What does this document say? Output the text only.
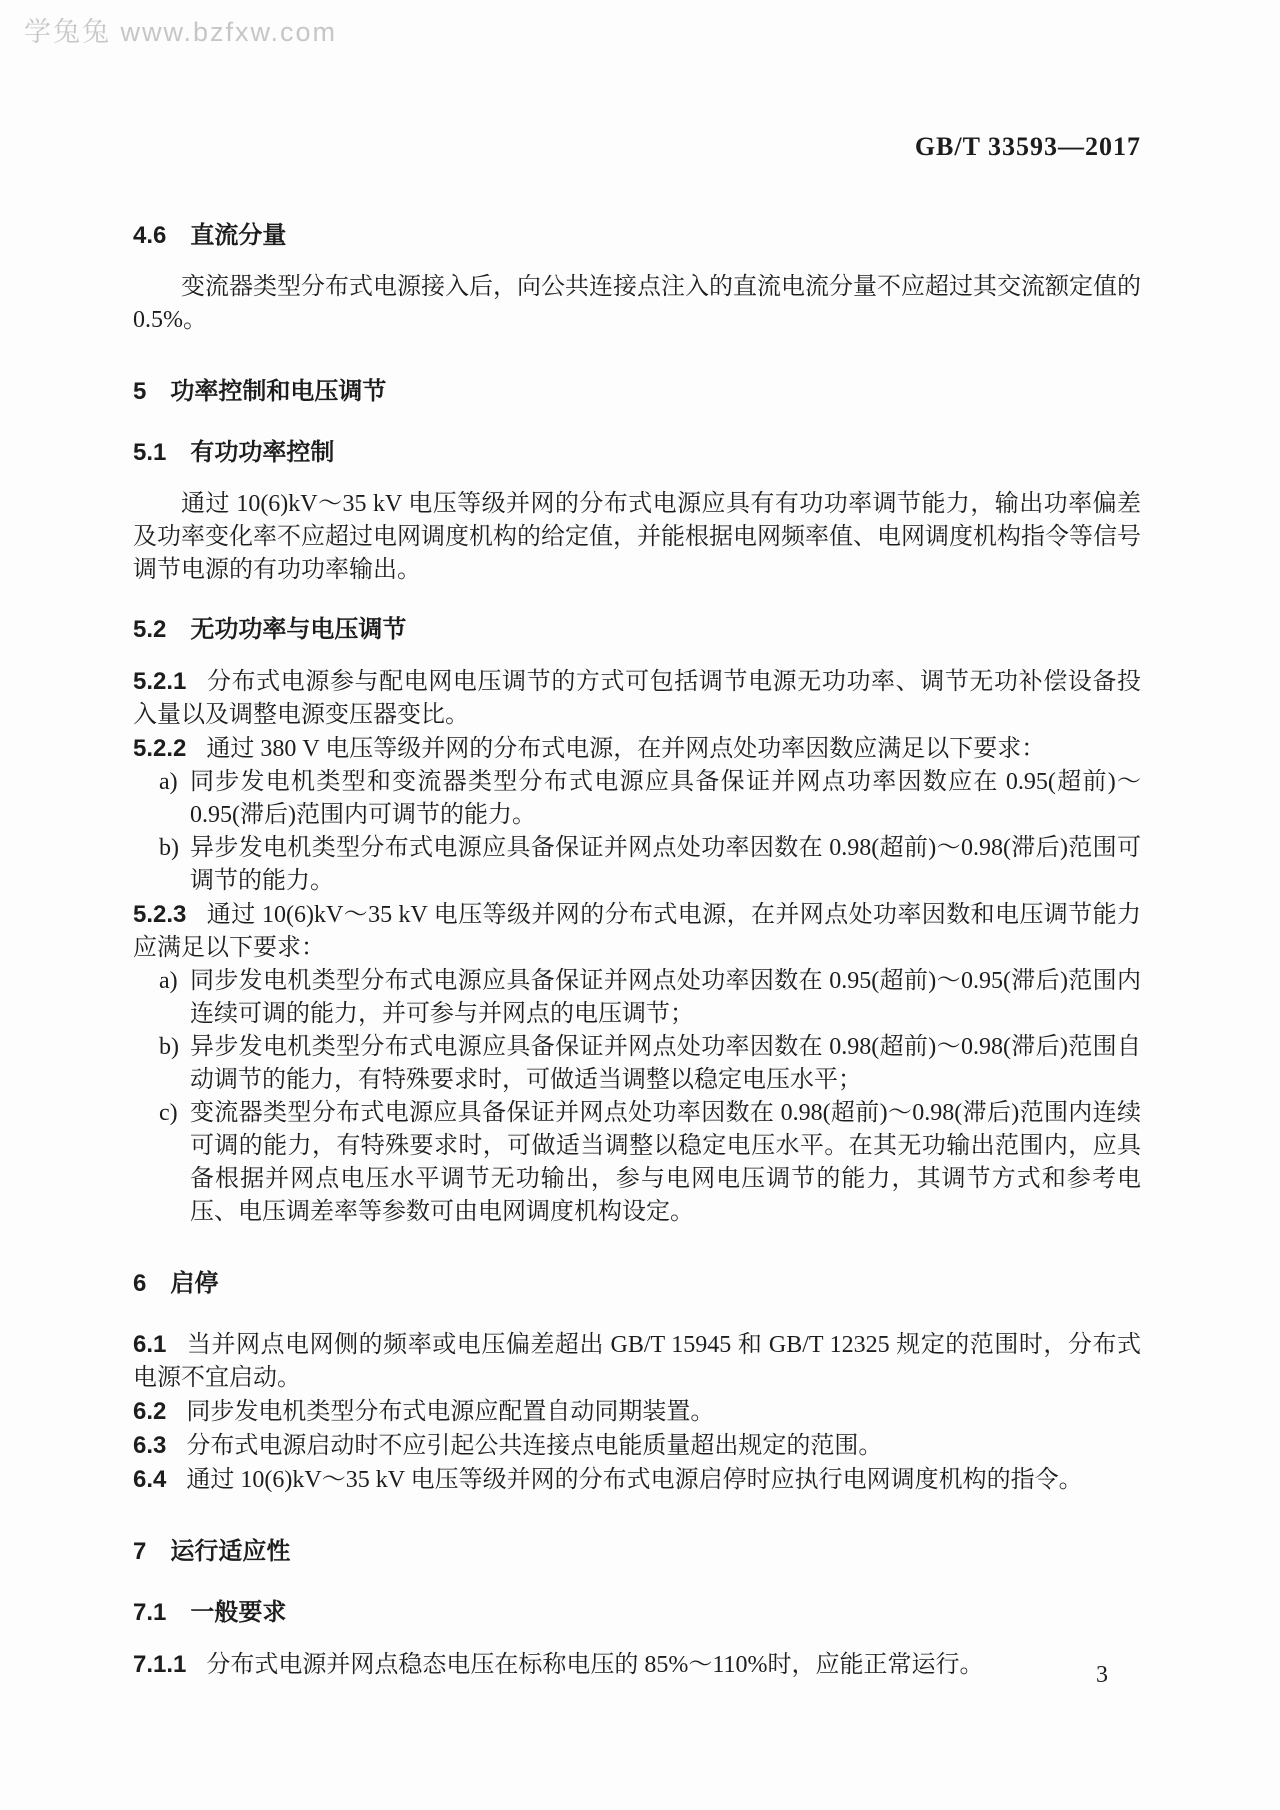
学兔兔 www.bzfxw.com
GB/T 33593—2017
4.6 直流分量

变流器类型分布式电源接入后，向公共连接点注入的直流电流分量不应超过其交流额定值的 0.5%。

5 功率控制和电压调节
5.1 有功功率控制

通过 10(6)kV～35 kV 电压等级并网的分布式电源应具有有功功率调节能力，输出功率偏差及功率变化率不应超过电网调度机构的给定值，并能根据电网频率值、电网调度机构指令等信号调节电源的有功功率输出。

5.2 无功功率与电压调节
5.2.1 分布式电源参与配电网电压调节的方式可包括调节电源无功功率、调节无功补偿设备投入量以及调整电源变压器变比。
5.2.2 通过 380 V 电压等级并网的分布式电源，在并网点处功率因数应满足以下要求：
a) 同步发电机类型和变流器类型分布式电源应具备保证并网点功率因数应在 0.95(超前)～0.95(滞后)范围内可调节的能力。
b) 异步发电机类型分布式电源应具备保证并网点处功率因数在 0.98(超前)～0.98(滞后)范围可调节的能力。
5.2.3 通过 10(6)kV～35 kV 电压等级并网的分布式电源，在并网点处功率因数和电压调节能力应满足以下要求：
a) 同步发电机类型分布式电源应具备保证并网点处功率因数在 0.95(超前)～0.95(滞后)范围内连续可调的能力，并可参与并网点的电压调节；
b) 异步发电机类型分布式电源应具备保证并网点处功率因数在 0.98(超前)～0.98(滞后)范围自动调节的能力，有特殊要求时，可做适当调整以稳定电压水平；
c) 变流器类型分布式电源应具备保证并网点处功率因数在 0.98(超前)～0.98(滞后)范围内连续可调的能力，有特殊要求时，可做适当调整以稳定电压水平。在其无功输出范围内，应具备根据并网点电压水平调节无功输出，参与电网电压调节的能力，其调节方式和参考电压、电压调差率等参数可由电网调度机构设定。
6 启停
6.1 当并网点电网侧的频率或电压偏差超出 GB/T 15945 和 GB/T 12325 规定的范围时，分布式电源不宜启动。
6.2 同步发电机类型分布式电源应配置自动同期装置。
6.3 分布式电源启动时不应引起公共连接点电能质量超出规定的范围。
6.4 通过 10(6)kV～35 kV 电压等级并网的分布式电源启停时应执行电网调度机构的指令。
7 运行适应性
7.1 一般要求
7.1.1 分布式电源并网点稳态电压在标称电压的 85%～110%时，应能正常运行。	3
